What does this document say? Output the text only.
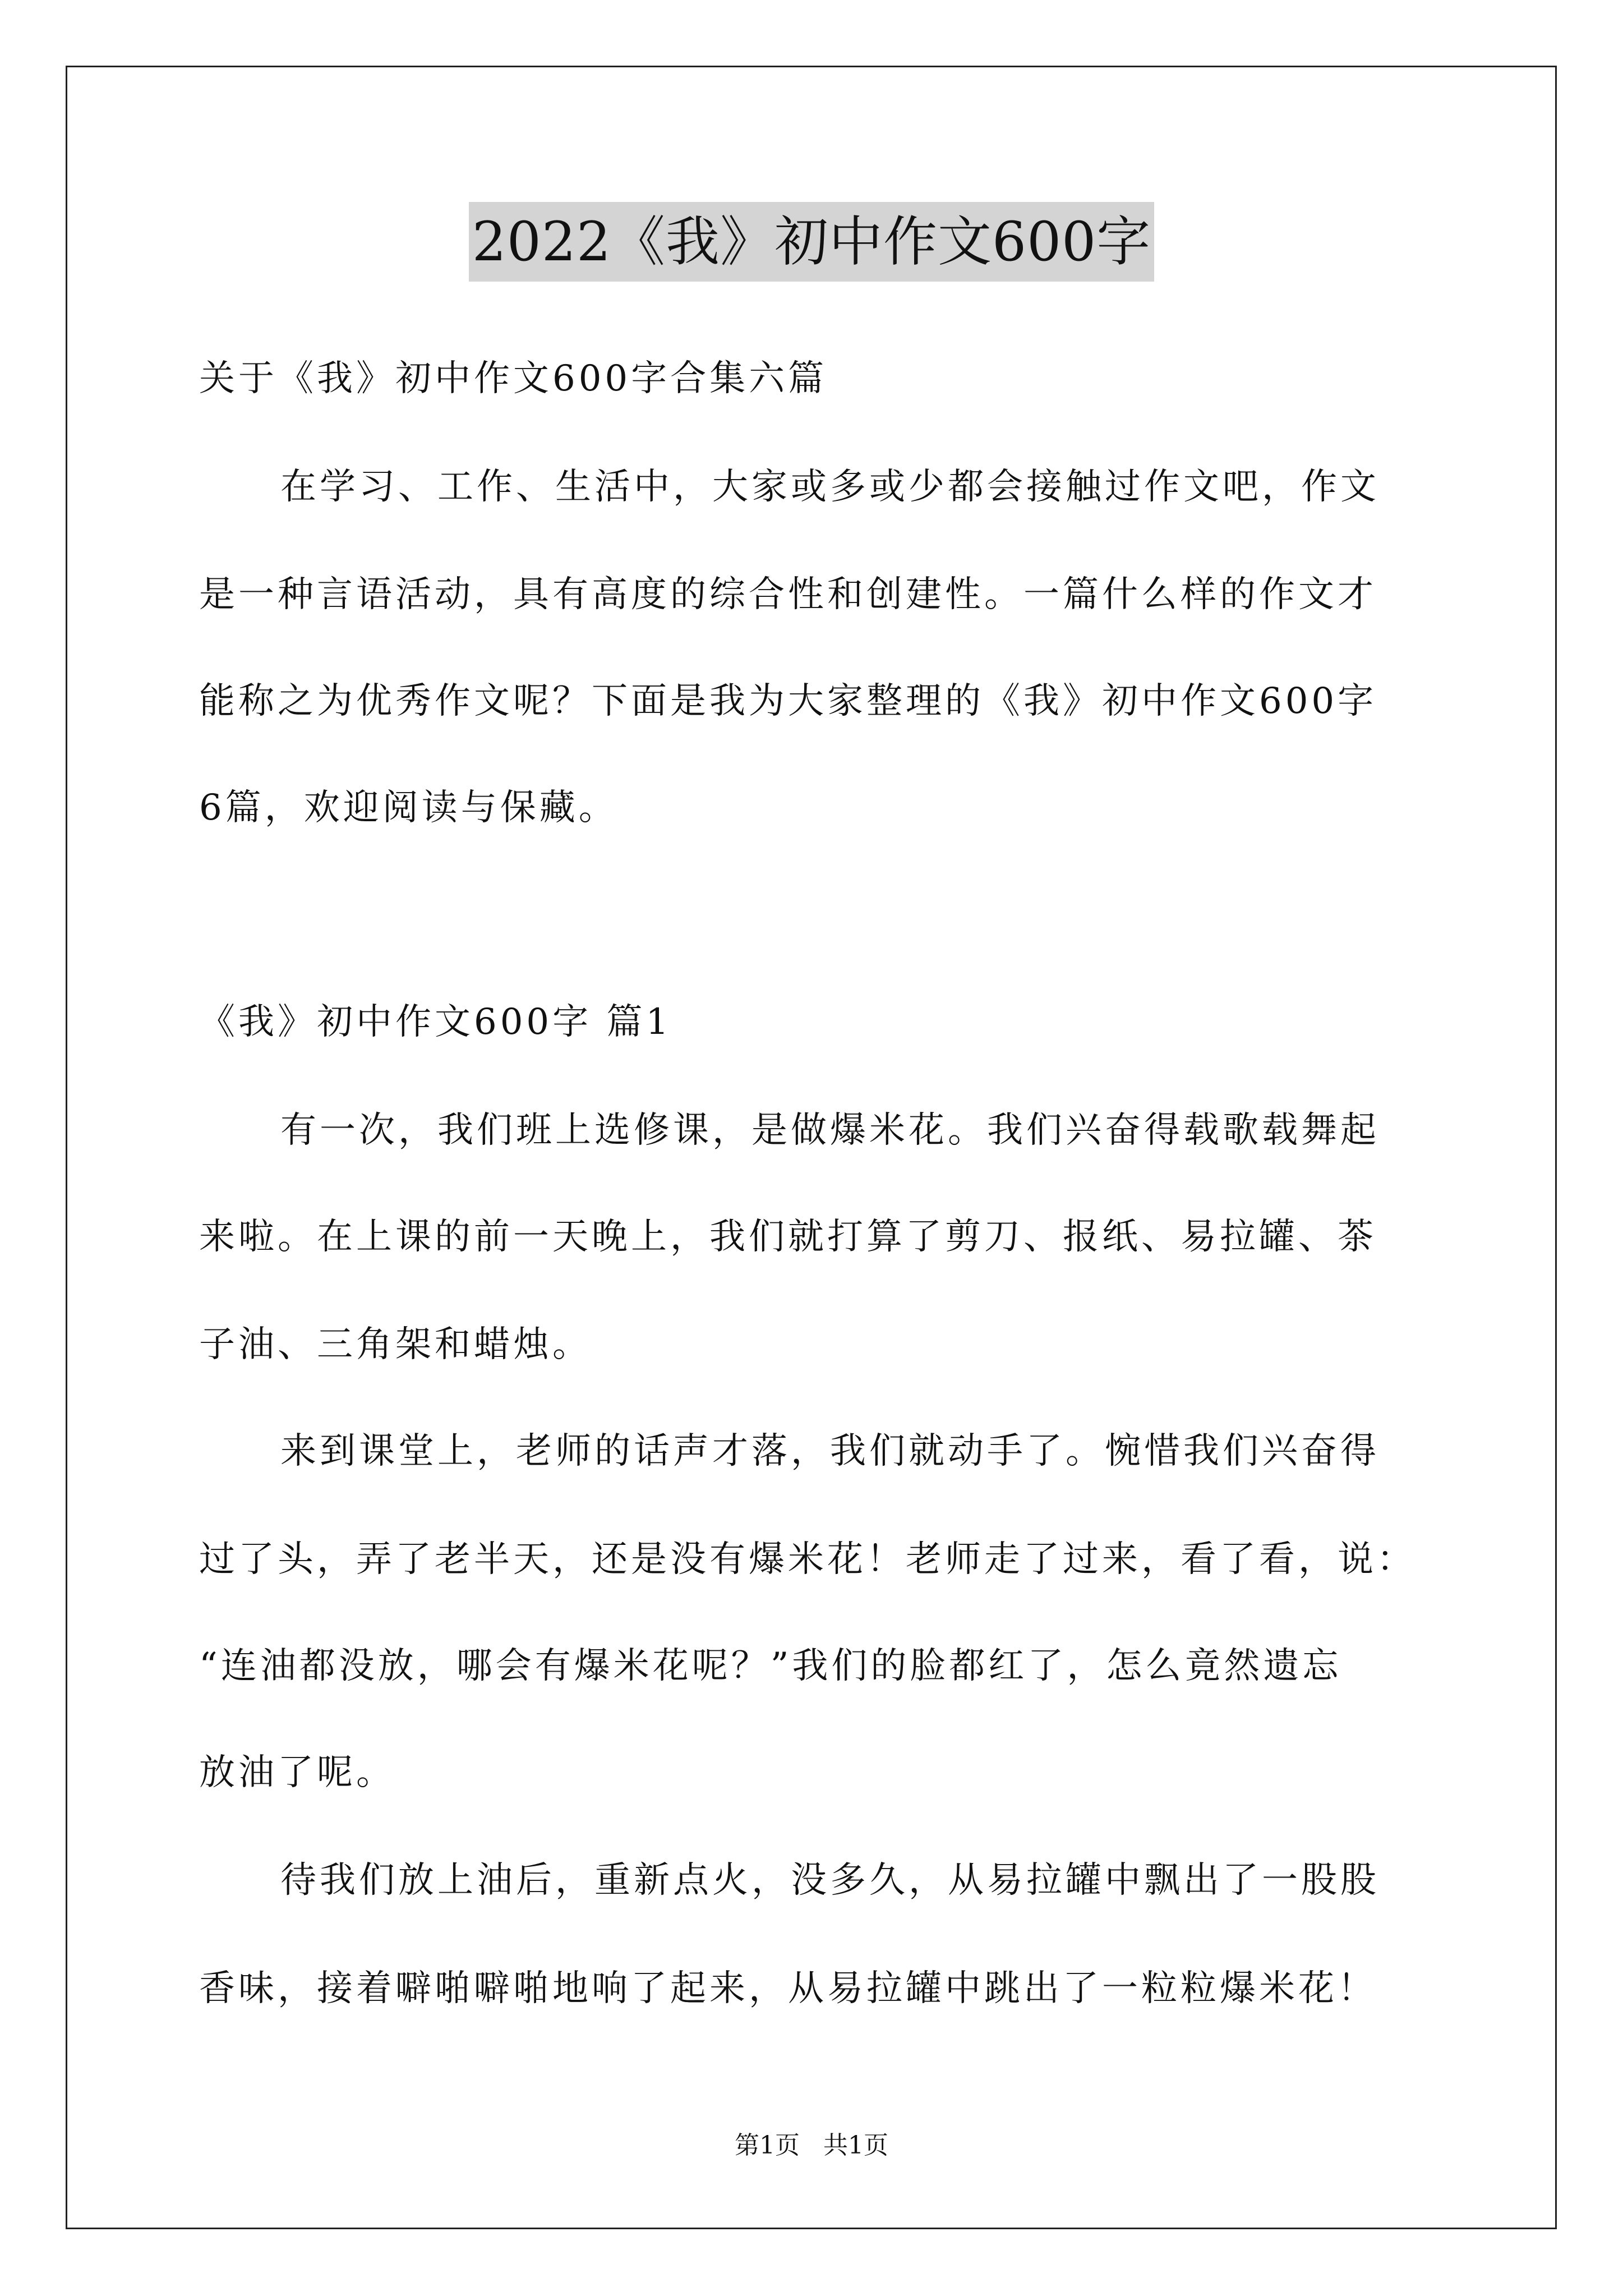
2022《我》初中作文600字
关于《我》初中作文600字合集六篇
在学习、工作、生活中，大家或多或少都会接触过作文吧，作文
是一种言语活动，具有高度的综合性和创建性。一篇什么样的作文才
能称之为优秀作文呢？下面是我为大家整理的《我》初中作文600字
6篇，欢迎阅读与保藏。
《我》初中作文600字 篇1
有一次，我们班上选修课，是做爆米花。我们兴奋得载歌载舞起
来啦。在上课的前一天晚上，我们就打算了剪刀、报纸、易拉罐、茶
子油、三角架和蜡烛。
来到课堂上，老师的话声才落，我们就动手了。惋惜我们兴奋得
过了头，弄了老半天，还是没有爆米花！老师走了过来，看了看，说：
“连油都没放，哪会有爆米花呢？”我们的脸都红了，怎么竟然遗忘
放油了呢。
待我们放上油后，重新点火，没多久，从易拉罐中飘出了一股股
香味，接着噼啪噼啪地响了起来，从易拉罐中跳出了一粒粒爆米花！
第1页   共1页
